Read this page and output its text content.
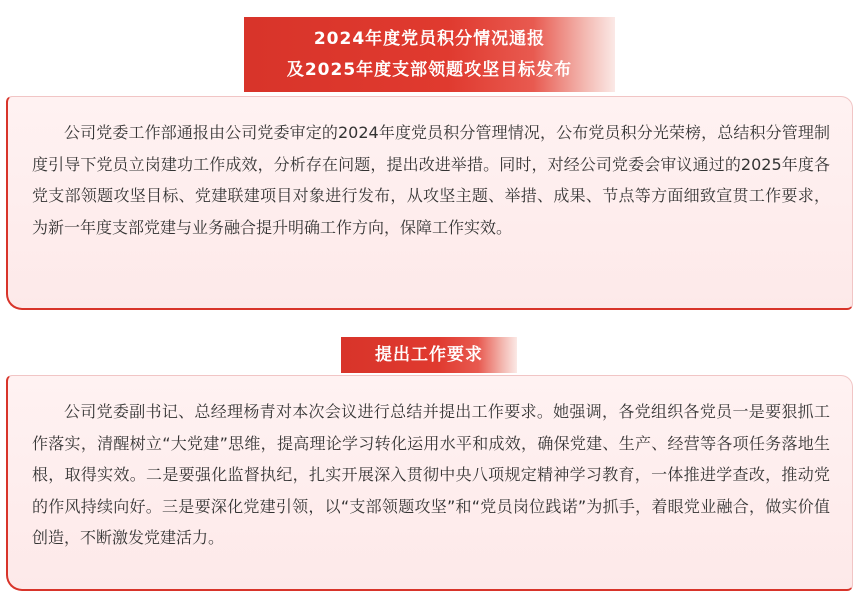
2024年度党员积分情况通报
及2025年度支部领题攻坚目标发布

公司党委工作部通报由公司党委审定的2024年度党员积分管理情况，公布党员积分光荣榜，总结积分管理制度引导下党员立岗建功工作成效，分析存在问题，提出改进举措。同时，对经公司党委会审议通过的2025年度各党支部领题攻坚目标、党建联建项目对象进行发布，从攻坚主题、举措、成果、节点等方面细致宣贯工作要求，为新一年度支部党建与业务融合提升明确工作方向，保障工作实效。

提出工作要求

公司党委副书记、总经理杨青对本次会议进行总结并提出工作要求。她强调，各党组织各党员一是要狠抓工作落实，清醒树立“大党建”思维，提高理论学习转化运用水平和成效，确保党建、生产、经营等各项任务落地生根，取得实效。二是要强化监督执纪，扎实开展深入贯彻中央八项规定精神学习教育，一体推进学查改，推动党的作风持续向好。三是要深化党建引领，以“支部领题攻坚”和“党员岗位践诺”为抓手，着眼党业融合，做实价值创造，不断激发党建活力。
